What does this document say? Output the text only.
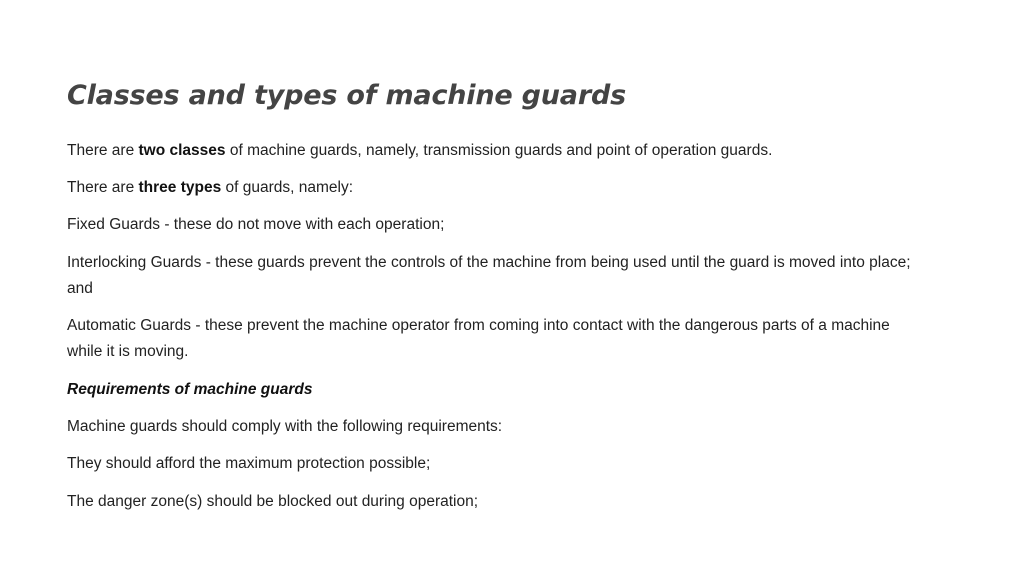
Classes and types of machine guards

There are two classes of machine guards, namely, transmission guards and point of operation guards.

There are three types of guards, namely:

Fixed Guards - these do not move with each operation;

Interlocking Guards - these guards prevent the controls of the machine from being used until the guard is moved into place; and

Automatic Guards - these prevent the machine operator from coming into contact with the dangerous parts of a machine while it is moving.

Requirements of machine guards

Machine guards should comply with the following requirements:

They should afford the maximum protection possible;

The danger zone(s) should be blocked out during operation;
